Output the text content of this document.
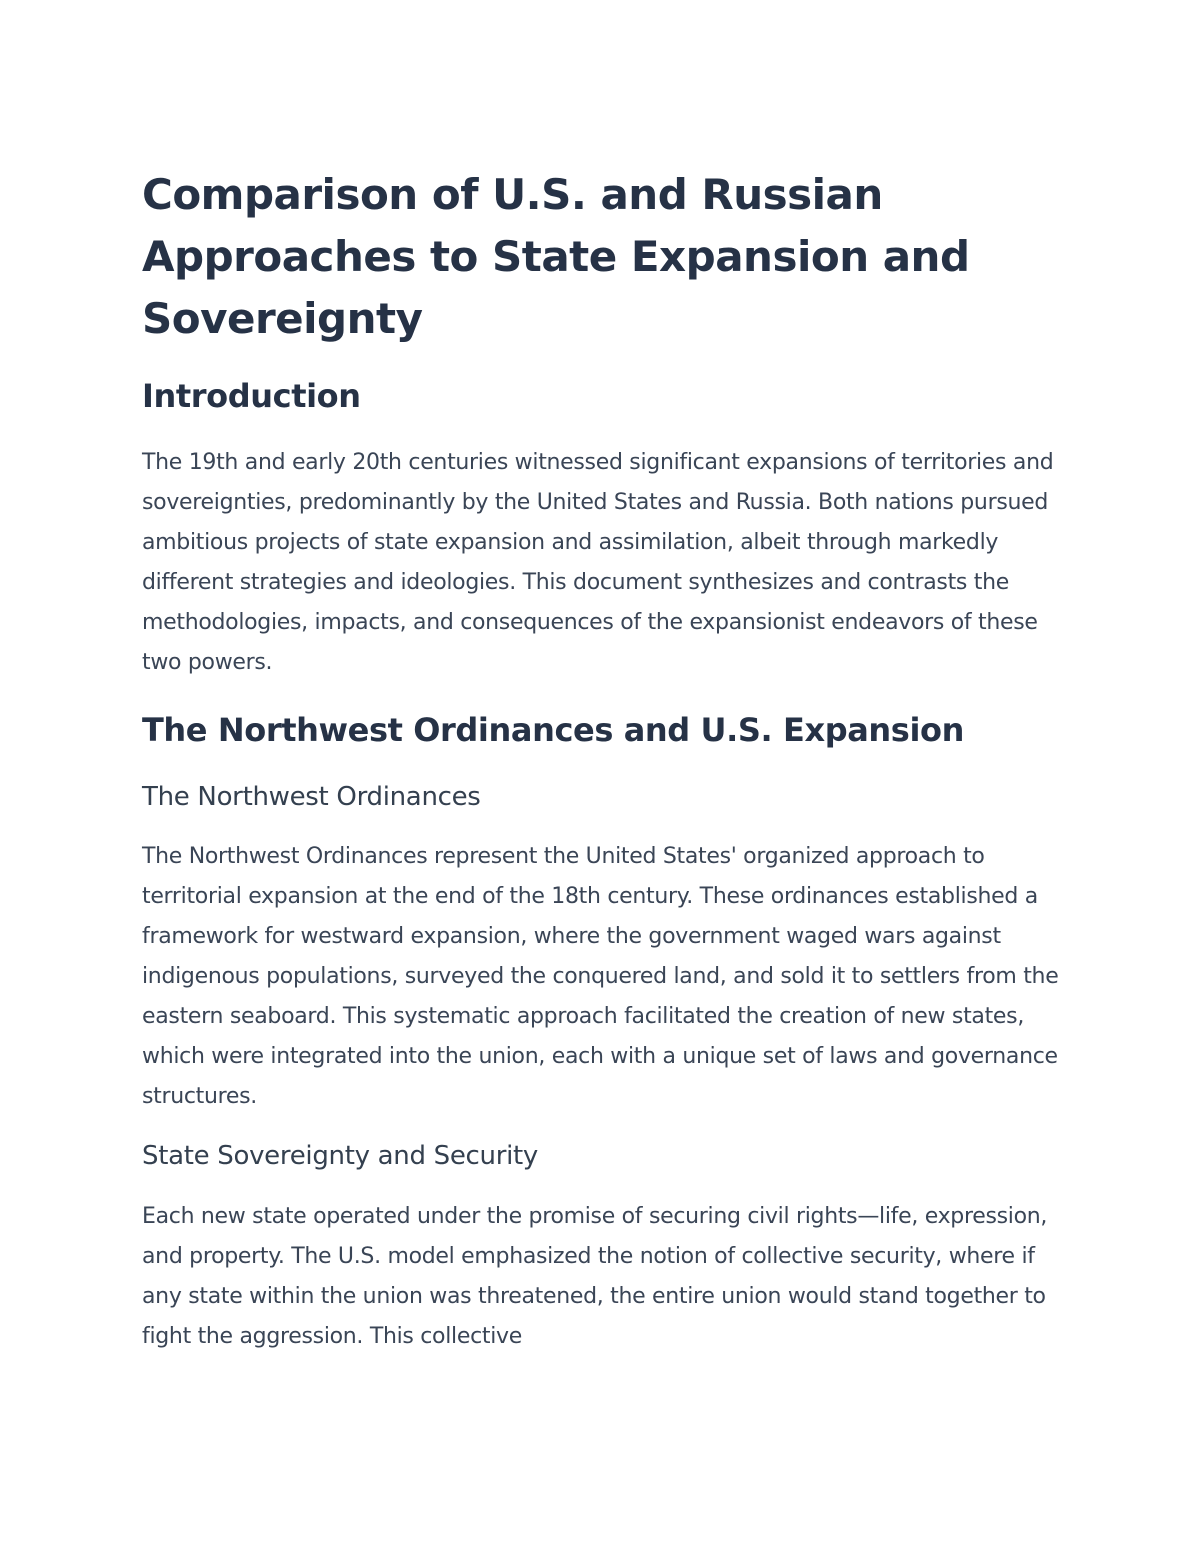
Comparison of U.S. and Russian Approaches to State Expansion and Sovereignty
Introduction

The 19th and early 20th centuries witnessed significant expansions of territories and sovereignties, predominantly by the United States and Russia. Both nations pursued ambitious projects of state expansion and assimilation, albeit through markedly different strategies and ideologies. This document synthesizes and contrasts the methodologies, impacts, and consequences of the expansionist endeavors of these two powers.

The Northwest Ordinances and U.S. Expansion
The Northwest Ordinances

The Northwest Ordinances represent the United States' organized approach to territorial expansion at the end of the 18th century. These ordinances established a framework for westward expansion, where the government waged wars against indigenous populations, surveyed the conquered land, and sold it to settlers from the eastern seaboard. This systematic approach facilitated the creation of new states, which were integrated into the union, each with a unique set of laws and governance structures.

State Sovereignty and Security

Each new state operated under the promise of securing civil rights—life, expression, and property. The U.S. model emphasized the notion of collective security, where if any state within the union was threatened, the entire union would stand together to fight the aggression. This collective
